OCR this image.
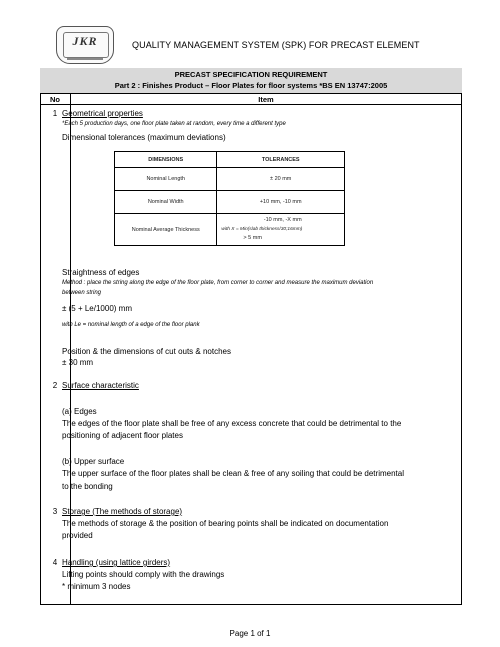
JKR	QUALITY MANAGEMENT SYSTEM (SPK) FOR PRECAST ELEMENT
PRECAST SPECIFICATION REQUIREMENT
Part 2 : Finishes Product – Floor Plates for floor systems *BS EN 13747:2005
No	Item
1 Geometrical properties
*Each 5 production days, one floor plate taken at random, every time a different type
Dimensional tolerances (maximum deviations)
DIMENSIONS	TOLERANCES
Nominal Length	± 20 mm
Nominal Width	+10 mm, -10 mm
Nominal Average Thickness	-10 mm, -X mm
with X = Min(slab thickness/30;16mm)
> 5 mm
Straightness of edges
Method : place the string along the edge of the floor plate, from corner to corner and measure the maximum deviation
between string
± (5 + Le/1000) mm
with Le = nominal length of a edge of the floor plank
Position & the dimensions of cut outs & notches
± 30 mm
2 Surface characteristic
(a) Edges
The edges of the floor plate shall be free of any excess concrete that could be detrimental to the
positioning of adjacent floor plates
(b) Upper surface
The upper surface of the floor plates shall be clean & free of any soiling that could be detrimental
to the bonding
3 Storage (The methods of storage)
The methods of storage & the position of bearing points shall be indicated on documentation
provided
4 Handling (using lattice girders)
Lifting points should comply with the drawings
* minimum 3 nodes
Page 1 of 1
